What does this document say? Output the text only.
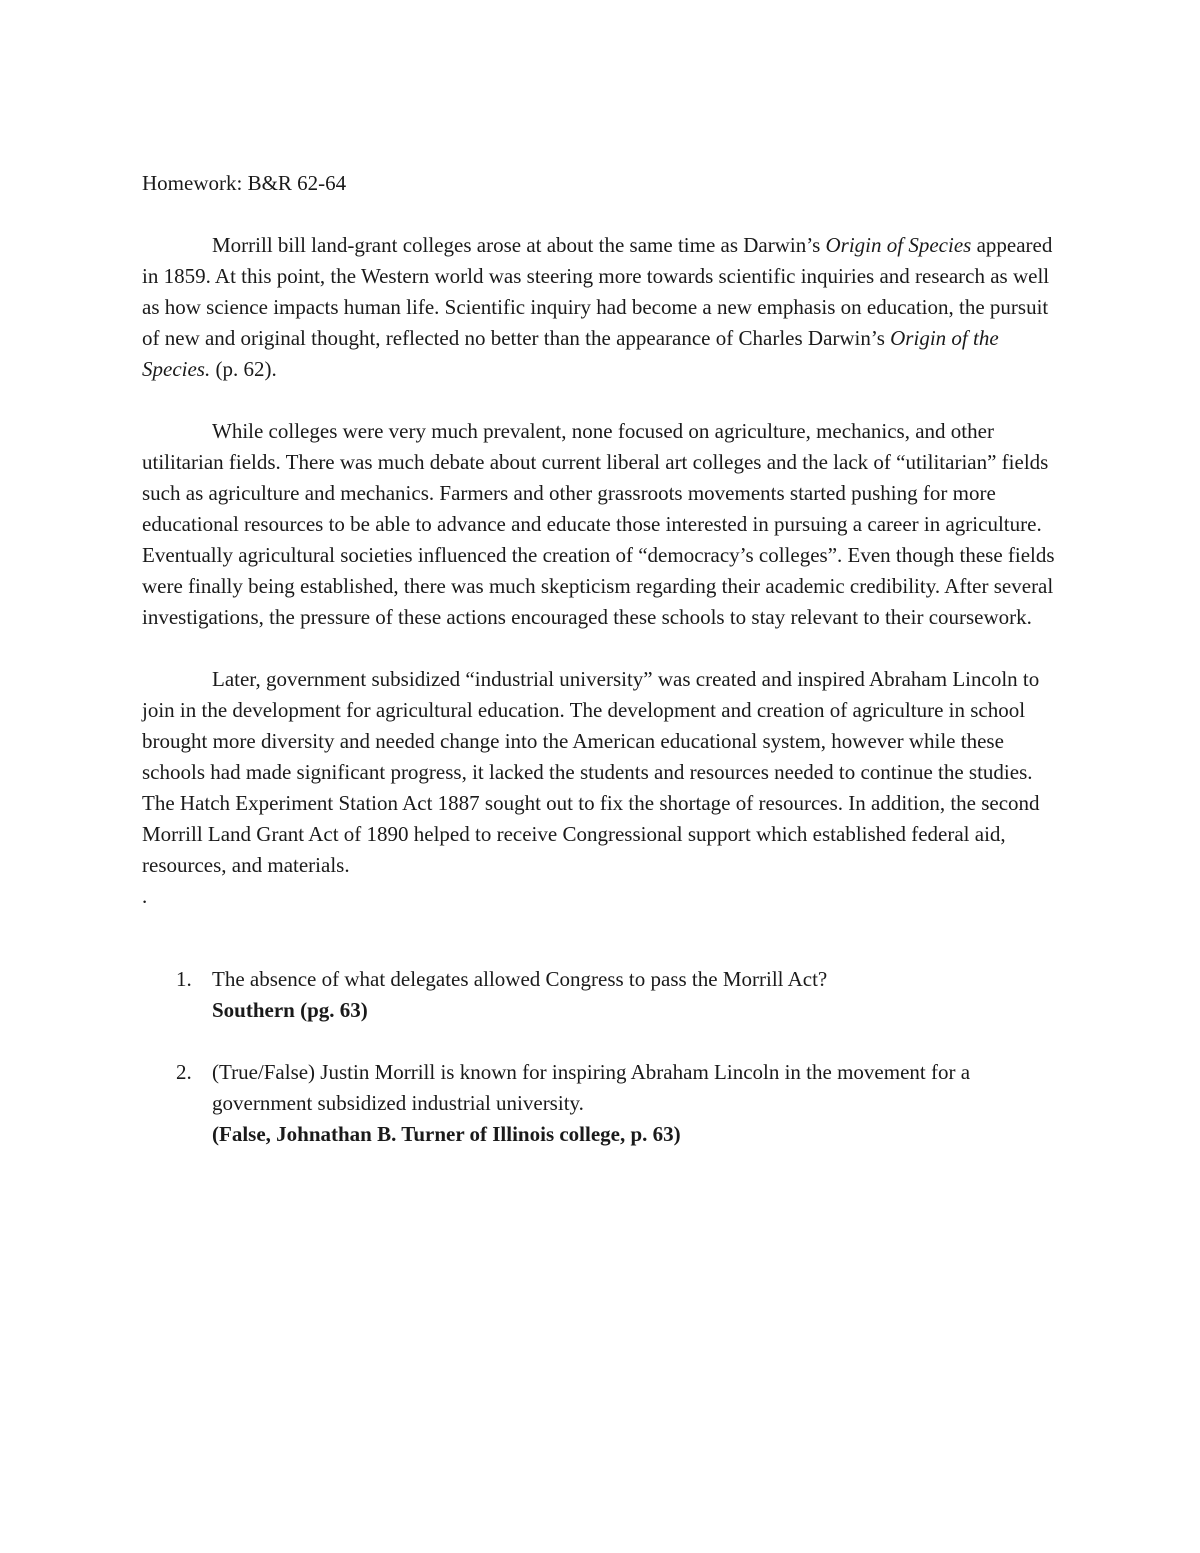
Homework: B&R 62-64

Morrill bill land-grant colleges arose at about the same time as Darwin’s Origin of Species appeared in 1859. At this point, the Western world was steering more towards scientific inquiries and research as well as how science impacts human life. Scientific inquiry had become a new emphasis on education, the pursuit of new and original thought, reflected no better than the appearance of Charles Darwin’s Origin of the Species. (p. 62).

While colleges were very much prevalent, none focused on agriculture, mechanics, and other utilitarian fields. There was much debate about current liberal art colleges and the lack of “utilitarian” fields such as agriculture and mechanics. Farmers and other grassroots movements started pushing for more educational resources to be able to advance and educate those interested in pursuing a career in agriculture. Eventually agricultural societies influenced the creation of “democracy’s colleges”. Even though these fields were finally being established, there was much skepticism regarding their academic credibility. After several investigations, the pressure of these actions encouraged these schools to stay relevant to their coursework.

Later, government subsidized “industrial university” was created and inspired Abraham Lincoln to join in the development for agricultural education. The development and creation of agriculture in school brought more diversity and needed change into the American educational system, however while these schools had made significant progress, it lacked the students and resources needed to continue the studies. The Hatch Experiment Station Act 1887 sought out to fix the shortage of resources. In addition, the second Morrill Land Grant Act of 1890 helped to receive Congressional support which established federal aid, resources, and materials.

.

1. The absence of what delegates allowed Congress to pass the Morrill Act?
Southern (pg. 63)
2. (True/False) Justin Morrill is known for inspiring Abraham Lincoln in the movement for a government subsidized industrial university.
(False, Johnathan B. Turner of Illinois college, p. 63)
